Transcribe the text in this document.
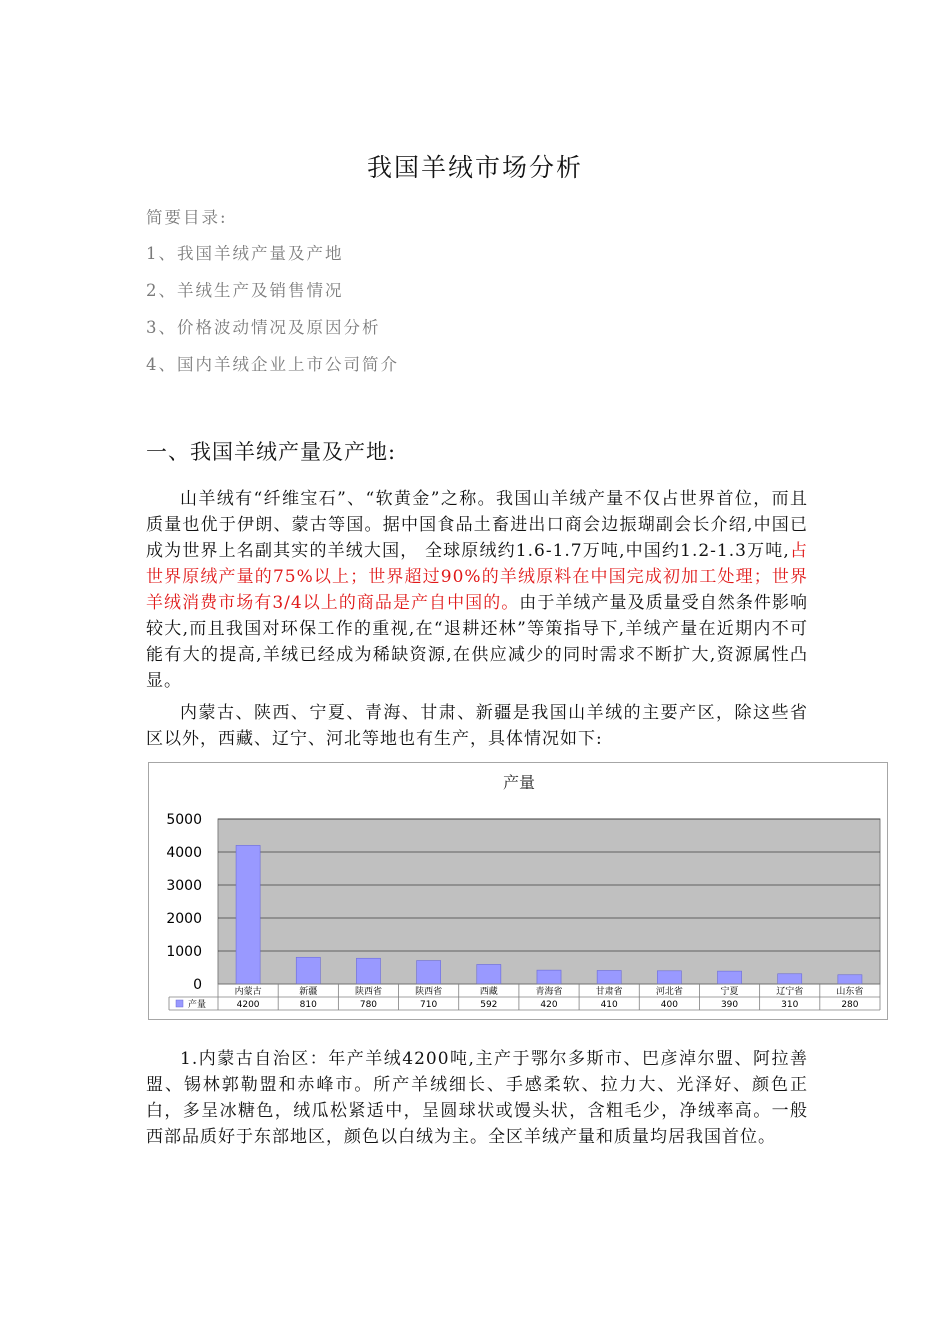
我国羊绒市场分析
简要目录:
1、我国羊绒产量及产地
2、羊绒生产及销售情况
3、价格波动情况及原因分析
4、国内羊绒企业上市公司简介
一、我国羊绒产量及产地:

山羊绒有“纤维宝石”、“软黄金”之称。我国山羊绒产量不仅占世界首位，而且质量也优于伊朗、蒙古等国。据中国食品土畜进出口商会边振瑚副会长介绍,中国已成为世界上名副其实的羊绒大国， 全球原绒约1.6-1.7万吨,中国约1.2-1.3万吨,占世界原绒产量的75%以上；世界超过90%的羊绒原料在中国完成初加工处理；世界羊绒消费市场有3/4以上的商品是产自中国的。由于羊绒产量及质量受自然条件影响较大,而且我国对环保工作的重视,在“退耕还林”等策指导下,羊绒产量在近期内不可能有大的提高,羊绒已经成为稀缺资源,在供应减少的同时需求不断扩大,资源属性凸显。

内蒙古、陕西、宁夏、青海、甘肃、新疆是我国山羊绒的主要产区，除这些省区以外，西藏、辽宁、河北等地也有生产，具体情况如下:

产量
0
1000
2000
3000
4000
5000
内蒙古
4200
新疆
810
陕西省
780
陕西省
710
西藏
592
青海省
420
甘肃省
410
河北省
400
宁夏
390
辽宁省
310
山东省
280
产量

1.内蒙古自治区：年产羊绒4200吨,主产于鄂尔多斯市、巴彦淖尔盟、阿拉善盟、锡林郭勒盟和赤峰市。所产羊绒细长、手感柔软、拉力大、光泽好、颜色正白，多呈冰糖色，绒瓜松紧适中，呈圆球状或馒头状，含粗毛少，净绒率高。一般西部品质好于东部地区，颜色以白绒为主。全区羊绒产量和质量均居我国首位。
